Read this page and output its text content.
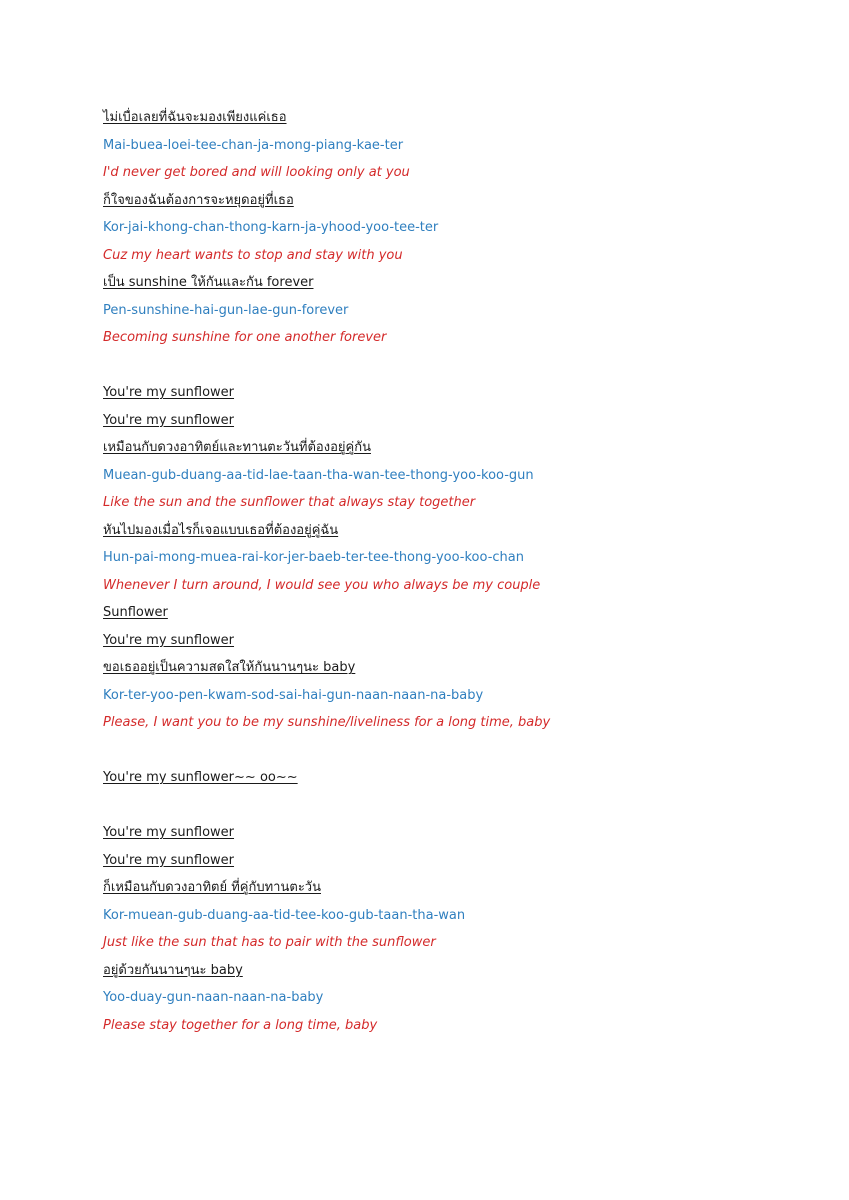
ไม่เบื่อเลยที่ฉันจะมองเพียงแค่เธอ
Mai-buea-loei-tee-chan-ja-mong-piang-kae-ter
I'd never get bored and will looking only at you
ก็ใจของฉันต้องการจะหยุดอยู่ที่เธอ
Kor-jai-khong-chan-thong-karn-ja-yhood-yoo-tee-ter
Cuz my heart wants to stop and stay with you
เป็น sunshine ให้กันและกัน forever
Pen-sunshine-hai-gun-lae-gun-forever
Becoming sunshine for one another forever
You're my sunflower
You're my sunflower
เหมือนกับดวงอาทิตย์และทานตะวันที่ต้องอยู่คู่กัน
Muean-gub-duang-aa-tid-lae-taan-tha-wan-tee-thong-yoo-koo-gun
Like the sun and the sunflower that always stay together
หันไปมองเมื่อไรก็เจอแบบเธอที่ต้องอยู่คู่ฉัน
Hun-pai-mong-muea-rai-kor-jer-baeb-ter-tee-thong-yoo-koo-chan
Whenever I turn around, I would see you who always be my couple
Sunflower
You're my sunflower
ขอเธออยู่เป็นความสดใสให้กันนานๆนะ baby
Kor-ter-yoo-pen-kwam-sod-sai-hai-gun-naan-naan-na-baby
Please, I want you to be my sunshine/liveliness for a long time, baby
You're my sunflower~~ oo~~
You're my sunflower
You're my sunflower
ก็เหมือนกับดวงอาทิตย์ ที่คู่กับทานตะวัน
Kor-muean-gub-duang-aa-tid-tee-koo-gub-taan-tha-wan
Just like the sun that has to pair with the sunflower
อยู่ด้วยกันนานๆนะ baby
Yoo-duay-gun-naan-naan-na-baby
Please stay together for a long time, baby
